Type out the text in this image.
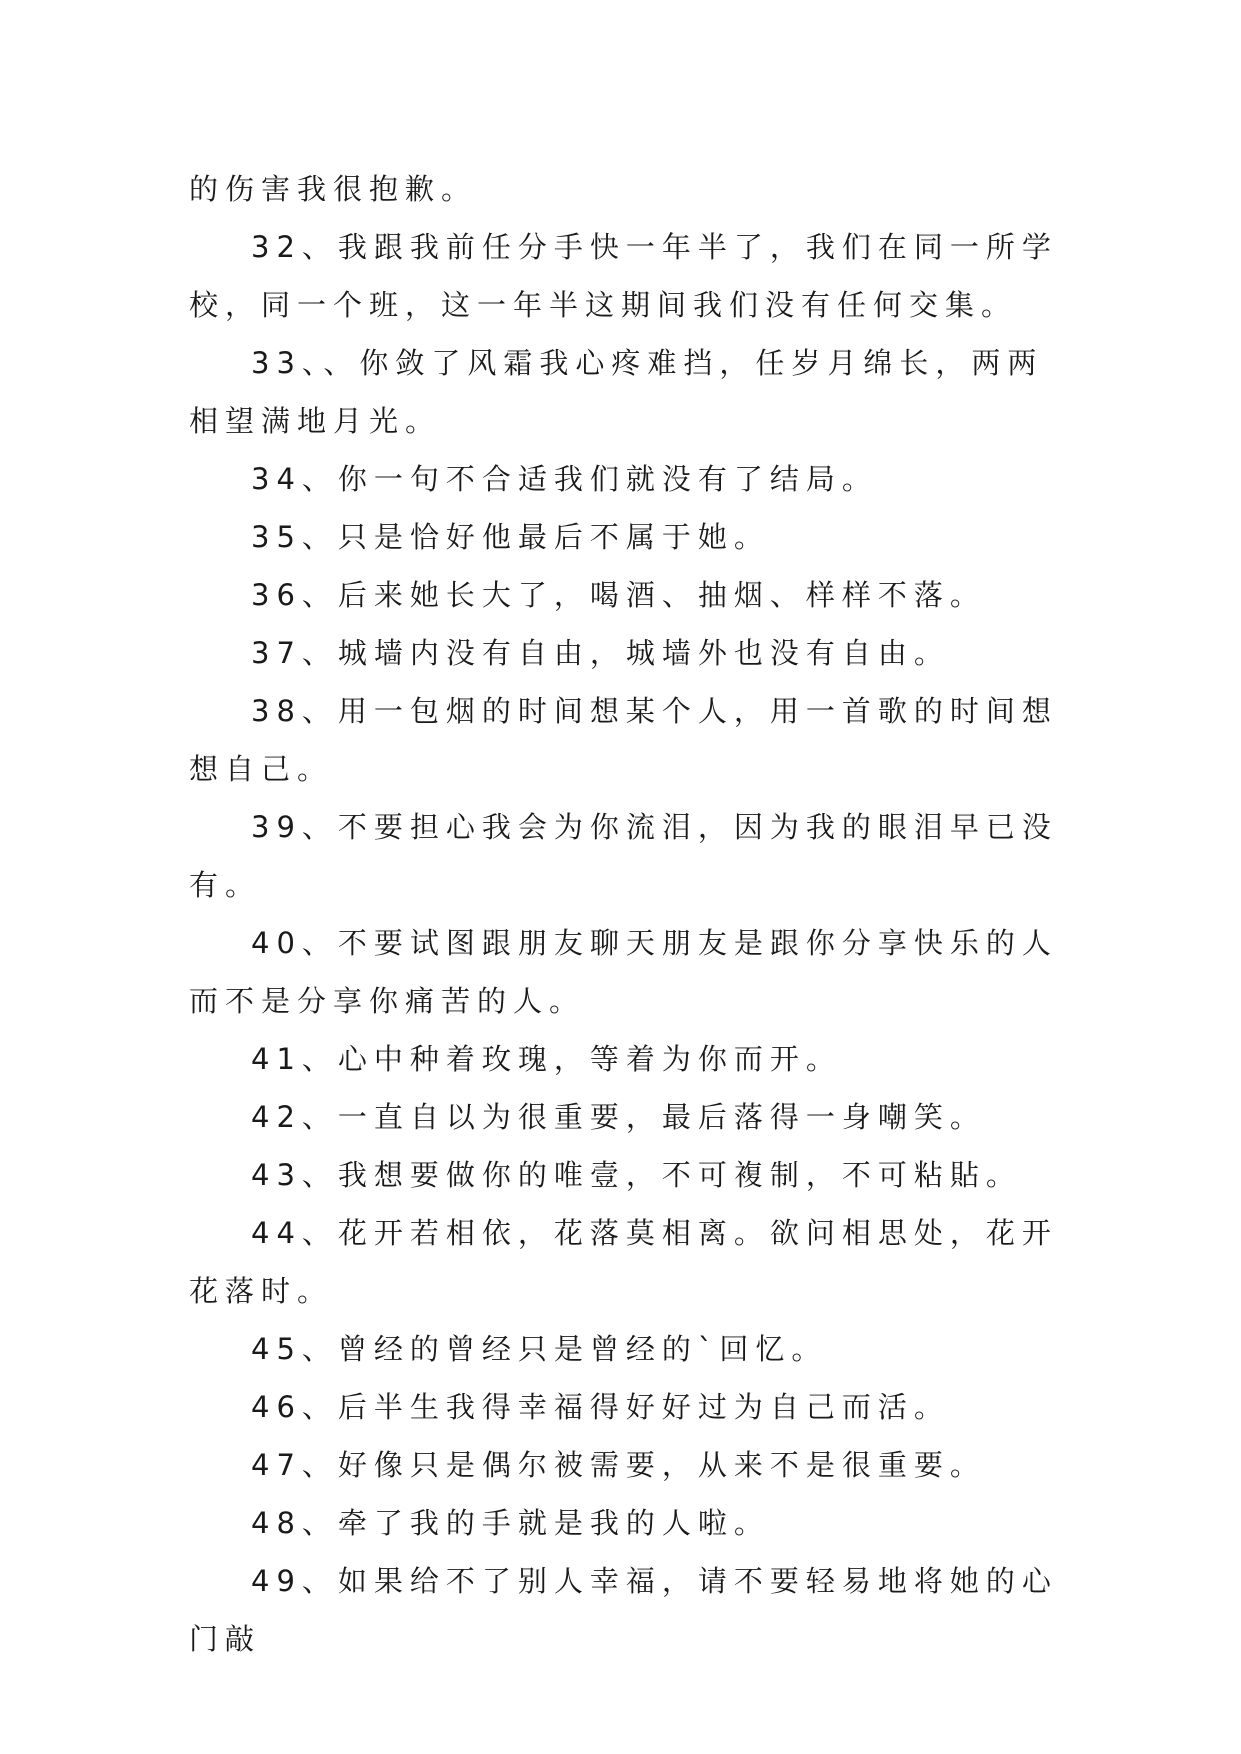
的伤害我很抱歉。

32、我跟我前任分手快一年半了，我们在同一所学校，同一个班，这一年半这期间我们没有任何交集。

33、、你敛了风霜我心疼难挡，任岁月绵长，两两相望满地月光。

34、你一句不合适我们就没有了结局。

35、只是恰好他最后不属于她。

36、后来她长大了，喝酒、抽烟、样样不落。

37、城墙内没有自由，城墙外也没有自由。

38、用一包烟的时间想某个人，用一首歌的时间想想自己。

39、不要担心我会为你流泪，因为我的眼泪早已没有。

40、不要试图跟朋友聊天朋友是跟你分享快乐的人而不是分享你痛苦的人。

41、心中种着玫瑰，等着为你而开。

42、一直自以为很重要，最后落得一身嘲笑。

43、我想要做你的唯壹，不可複制，不可粘貼。

44、花开若相依，花落莫相离。欲问相思处，花开花落时。

45、曾经的曾经只是曾经的`回忆。

46、后半生我得幸福得好好过为自己而活。

47、好像只是偶尔被需要，从来不是很重要。

48、牵了我的手就是我的人啦。

49、如果给不了别人幸福，请不要轻易地将她的心门敲
